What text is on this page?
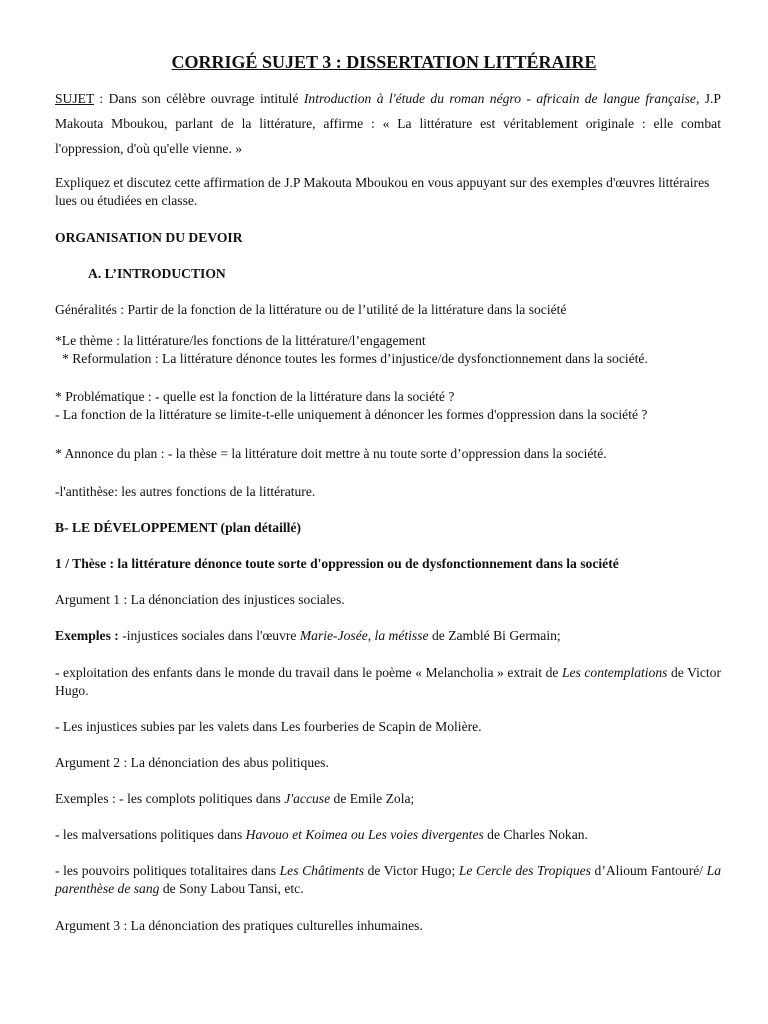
CORRIGÉ SUJET 3 : DISSERTATION LITTÉRAIRE

SUJET : Dans son célèbre ouvrage intitulé Introduction à l'étude du roman négro - africain de langue française, J.P Makouta Mboukou, parlant de la littérature, affirme : « La littérature est véritablement originale : elle combat l'oppression, d'où qu'elle vienne. »

Expliquez et discutez cette affirmation de J.P Makouta Mboukou en vous appuyant sur des exemples d'œuvres littéraires lues ou étudiées en classe.

ORGANISATION DU DEVOIR

A. L’INTRODUCTION

Généralités : Partir de la fonction de la littérature ou de l’utilité de la littérature dans la société

*Le thème : la littérature/les fonctions de la littérature/l’engagement

* Reformulation : La littérature dénonce toutes les formes d’injustice/de dysfonctionnement dans la société.

* Problématique : - quelle est la fonction de la littérature dans la société ?

- La fonction de la littérature se limite-t-elle uniquement à dénoncer les formes d'oppression dans la société ?

* Annonce du plan : - la thèse = la littérature doit mettre à nu toute sorte d’oppression dans la société.

-l'antithèse: les autres fonctions de la littérature.

B- LE DÉVELOPPEMENT (plan détaillé)

1 / Thèse : la littérature dénonce toute sorte d'oppression ou de dysfonctionnement dans la société

Argument 1 : La dénonciation des injustices sociales.

Exemples : -injustices sociales dans l'œuvre Marie-Josée, la métisse de Zamblé Bi Germain;

- exploitation des enfants dans le monde du travail dans le poème « Melancholia » extrait de Les contemplations de Victor Hugo.

- Les injustices subies par les valets dans Les fourberies de Scapin de Molière.

Argument 2 : La dénonciation des abus politiques.

Exemples : - les complots politiques dans J'accuse de Emile Zola;

- les malversations politiques dans Havouo et Koimea ou Les voies divergentes de Charles Nokan.

- les pouvoirs politiques totalitaires dans Les Châtiments de Victor Hugo; Le Cercle des Tropiques d’Alioum Fantouré/ La parenthèse de sang de Sony Labou Tansi, etc.

Argument 3 : La dénonciation des pratiques culturelles inhumaines.
